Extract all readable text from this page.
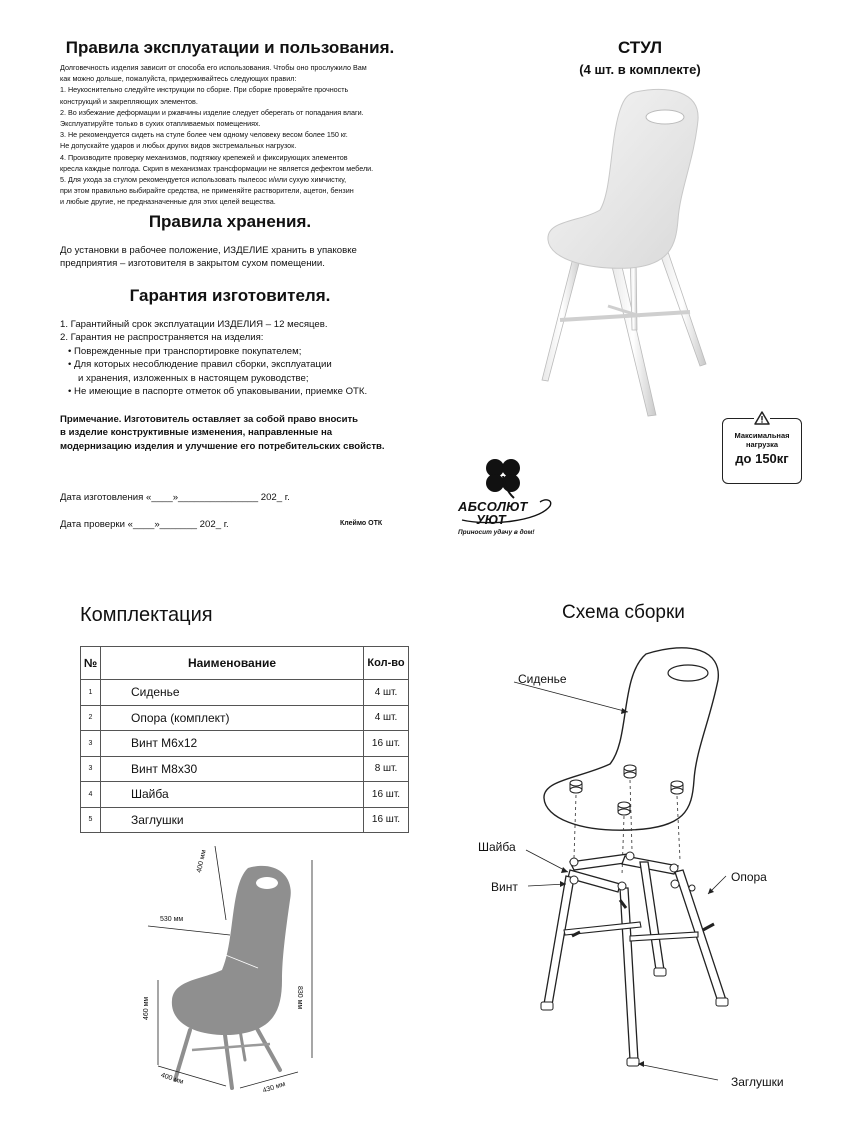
Правила эксплуатации и пользования.
Долговечность изделия зависит от способа его использования. Чтобы оно прослужило Вам
как можно дольше, пожалуйста, придерживайтесь следующих правил:
1. Неукоснительно следуйте инструкции по сборке. При сборке проверяйте прочность
конструкций и закрепляющих элементов.
2. Во избежание деформации и ржавчины изделие следует оберегать от попадания влаги.
Эксплуатируйте только в сухих отапливаемых помещениях.
3. Не рекомендуется сидеть на стуле более чем одному человеку весом более 150 кг.
Не допускайте ударов и любых других видов экстремальных нагрузок.
4. Производите проверку механизмов, подтяжку крепежей и фиксирующих элементов
кресла каждые полгода. Скрип в механизмах трансформации не является дефектом мебели.
5. Для ухода за стулом рекомендуется использовать пылесос и/или сухую химчистку,
при этом правильно выбирайте средства, не применяйте растворители, ацетон, бензин
и любые другие, не предназначенные для этих целей вещества.
Правила хранения.
До установки в рабочее положение, ИЗДЕЛИЕ хранить в упаковке
предприятия – изготовителя в закрытом сухом помещении.
Гарантия изготовителя.
1. Гарантийный срок эксплуатации ИЗДЕЛИЯ – 12 месяцев.
2. Гарантия не распространяется на изделия:
• Поврежденные при транспортировке покупателем;
• Для которых несоблюдение правил сборки, эксплуатации
и хранения, изложенных в настоящем руководстве;
• Не имеющие в паспорте отметок об упаковывании, приемке ОТК.
Примечание. Изготовитель оставляет за собой право вносить
в изделие конструктивные изменения, направленные на
модернизацию изделия и улучшение его потребительских свойств.
Дата изготовления «____»_______________ 202_ г.
Дата проверки «____»_______ 202_ г.	Клеймо ОТК
СТУЛ
(4 шт. в комплекте)
Максимальная
нагрузка
до 150кг
АБСОЛЮТ
УЮТ
Приносит удачу в дом!
Комплектация
№	Наименование	Кол-во
1	Сиденье	4 шт.
2	Опора (комплект)	4 шт.
3	Винт М6х12	16 шт.
3	Винт М8х30	8 шт.
4	Шайба	16 шт.
5	Заглушки	16 шт.
400 мм
530 мм
460 мм
830 мм
460 мм
400 мм
430 мм
Схема сборки
Сиденье
Шайба
Винт
Опора
Заглушки
